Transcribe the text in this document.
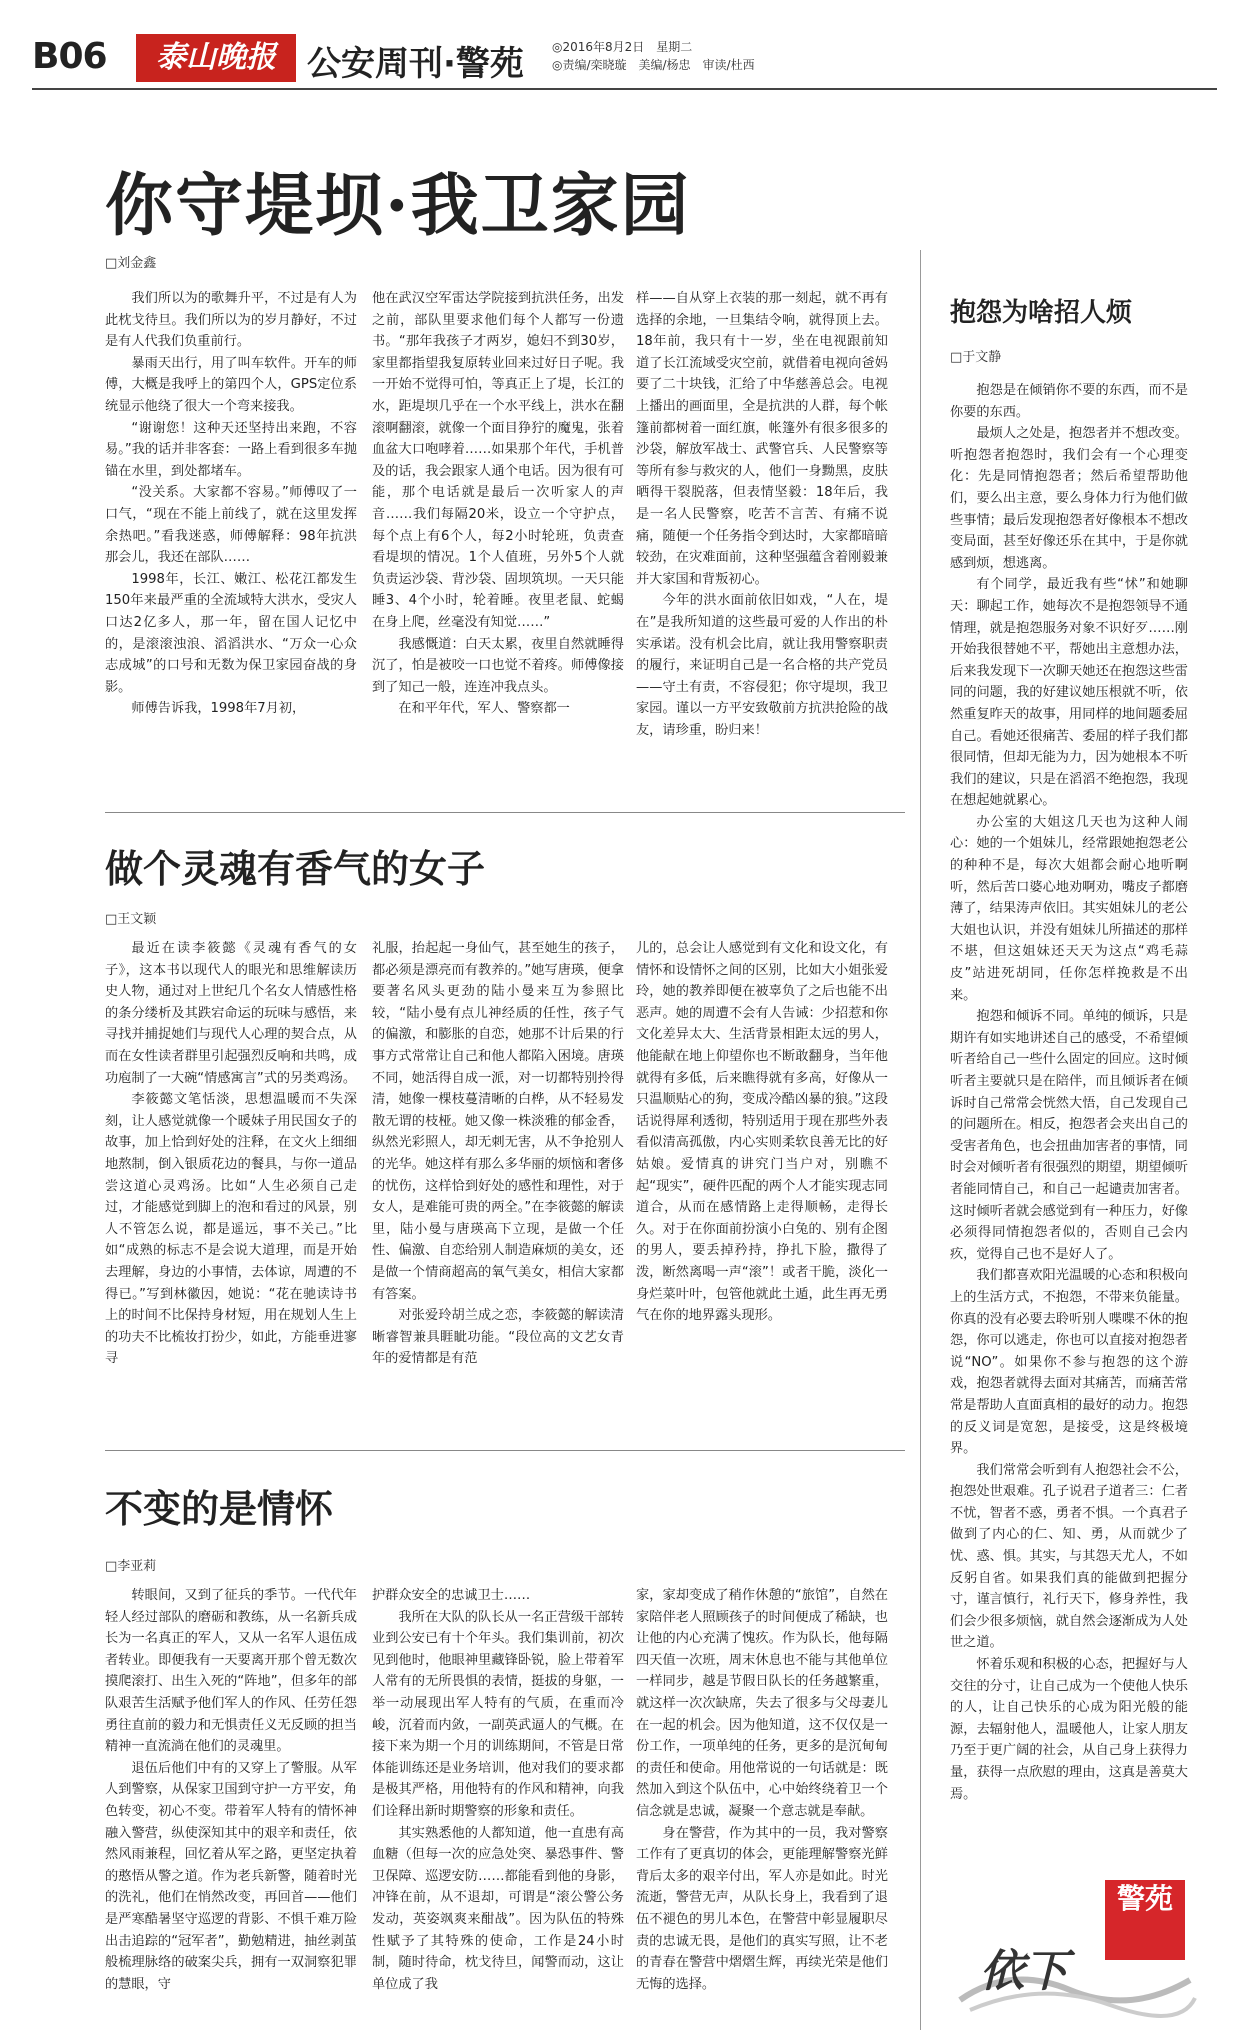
B06	泰山晚报 公安周刊·警苑 ◎2016年8月2日　星期二
◎责编/栾晓璇　美编/杨忠　审读/杜西
你守堤坝·我卫家园
□刘金鑫

我们所以为的歌舞升平，不过是有人为此枕戈待旦。我们所以为的岁月静好，不过是有人代我们负重前行。

暴雨天出行，用了叫车软件。开车的师傅，大概是我呼上的第四个人，GPS定位系统显示他绕了很大一个弯来接我。

“谢谢您！这种天还坚持出来跑，不容易。”我的话并非客套：一路上看到很多车抛锚在水里，到处都堵车。

“没关系。大家都不容易。”师傅叹了一口气，“现在不能上前线了，就在这里发挥余热吧。”看我迷惑，师傅解释：98年抗洪那会儿，我还在部队……

1998年，长江、嫩江、松花江都发生150年来最严重的全流域特大洪水，受灾人口达2亿多人，那一年，留在国人记忆中的，是滚滚浊浪、滔滔洪水、“万众一心众志成城”的口号和无数为保卫家园奋战的身影。

师傅告诉我，1998年7月初，

他在武汉空军雷达学院接到抗洪任务，出发之前，部队里要求他们每个人都写一份遗书。“那年我孩子才两岁，媳妇不到30岁，家里都指望我复原转业回来过好日子呢。我一开始不觉得可怕，等真正上了堤，长江的水，距堤坝几乎在一个水平线上，洪水在翻滚啊翻滚，就像一个面目狰狞的魔鬼，张着血盆大口咆哮着……如果那个年代，手机普及的话，我会跟家人通个电话。因为很有可能，那个电话就是最后一次听家人的声音……我们每隔20米，设立一个守护点，每个点上有6个人，每2小时轮班，负责查看堤坝的情况。1个人值班，另外5个人就负责运沙袋、背沙袋、固坝筑坝。一天只能睡3、4个小时，轮着睡。夜里老鼠、蛇蝎在身上爬，丝毫没有知觉……”

我感慨道：白天太累，夜里自然就睡得沉了，怕是被咬一口也觉不着疼。师傅像接到了知己一般，连连冲我点头。

在和平年代，军人、警察都一

样——自从穿上衣装的那一刻起，就不再有选择的余地，一旦集结令响，就得顶上去。18年前，我只有十一岁，坐在电视跟前知道了长江流域受灾空前，就借着电视向爸妈要了二十块钱，汇给了中华慈善总会。电视上播出的画面里，全是抗洪的人群，每个帐篷前都树着一面红旗，帐篷外有很多很多的沙袋，解放军战士、武警官兵、人民警察等等所有参与救灾的人，他们一身黝黑，皮肤晒得干裂脱落，但表情坚毅：18年后，我是一名人民警察，吃苦不言苦、有痛不说痛，随便一个任务指令到达时，大家都暗暗较劲，在灾难面前，这种坚强蕴含着刚毅兼并大家国和背叛初心。

今年的洪水面前依旧如戏，“人在，堤在”是我所知道的这些最可爱的人作出的朴实承诺。没有机会比肩，就让我用警察职责的履行，来证明自己是一名合格的共产党员——守土有责，不容侵犯；你守堤坝，我卫家园。谨以一方平安致敬前方抗洪抢险的战友，请珍重，盼归来！

做个灵魂有香气的女子
□王文颖

最近在读李筱懿《灵魂有香气的女子》，这本书以现代人的眼光和思维解读历史人物，通过对上世纪几个名女人情感性格的条分缕析及其跌宕命运的玩味与感悟，来寻找并捕捉她们与现代人心理的契合点，从而在女性读者群里引起强烈反响和共鸣，成功庖制了一大碗“情感寓言”式的另类鸡汤。

李筱懿文笔恬淡，思想温暖而不失深刻，让人感觉就像一个暖妹子用民国女子的故事，加上恰到好处的注释，在文火上细细地熬制，倒入银质花边的餐具，与你一道品尝这道心灵鸡汤。比如“人生必须自己走过，才能感觉到脚上的泡和看过的风景，别人不管怎么说，都是遥远，事不关己。”比如“成熟的标志不是会说大道理，而是开始去理解，身边的小事情，去体谅，周遭的不得已。”写到林徽因，她说：“花在驰读诗书上的时间不比保持身材短，用在规划人生上的功夫不比梳妆打扮少，如此，方能垂进寥寻

礼服，抬起起一身仙气，甚至她生的孩子，都必须是漂亮而有教养的。”她写唐瑛，便拿要著名风头更劲的陆小曼来互为参照比较，“陆小曼有点儿神经质的任性，孩子气的偏激，和膨胀的自恋，她那不计后果的行事方式常常让自己和他人都陷入困境。唐瑛不同，她活得自成一派，对一切都特别拎得清，她像一棵枝蔓清晰的白桦，从不轻易发散无谓的枝桠。她又像一株淡雅的郁金香，纵然光彩照人，却无刺无害，从不争抢别人的光华。她这样有那么多华丽的烦恼和奢侈的忧伤，这样恰到好处的感性和理性，对于女人，是难能可贵的两全。”在李筱懿的解读里，陆小曼与唐瑛高下立现，是做一个任性、偏激、自恋给别人制造麻烦的美女，还是做一个情商超高的氧气美女，相信大家都有答案。

对张爱玲胡兰成之恋，李筱懿的解读清晰睿智兼具睚眦功能。“段位高的文艺女青年的爱情都是有范

儿的，总会让人感觉到有文化和设文化，有情怀和设情怀之间的区别，比如大小姐张爱玲，她的教养即便在被辜负了之后也能不出恶声。她的周遭不会有人告诫：少招惹和你文化差异太大、生活背景相距太远的男人，他能献在地上仰望你也不断敢翻身，当年他就得有多低，后来瞧得就有多高，好像从一只温顺贴心的狗，变成冷酷凶暴的狼。”这段话说得犀利透彻，特别适用于现在那些外表看似清高孤傲，内心实则柔软良善无比的好姑娘。爱情真的讲究门当户对，别瞧不起“现实”，硬件匹配的两个人才能实现志同道合，从而在感情路上走得顺畅，走得长久。对于在你面前扮演小白兔的、别有企图的男人，要丢掉矜持，挣扎下脸，撒得了泼，断然离喝一声“滚”！或者干脆，淡化一身烂菜叶叶，包管他就此土遁，此生再无勇气在你的地界露头现形。

不变的是情怀
□李亚莉

转眼间，又到了征兵的季节。一代代年轻人经过部队的磨砺和教练，从一名新兵成长为一名真正的军人，又从一名军人退伍成者转业。即便我有一天要离开那个曾无数次摸爬滚打、出生入死的“阵地”，但多年的部队艰苦生活赋予他们军人的作风、任劳任怨勇往直前的毅力和无惧责任义无反顾的担当精神一直流淌在他们的灵魂里。

退伍后他们中有的又穿上了警服。从军人到警察，从保家卫国到守护一方平安，角色转变，初心不变。带着军人特有的情怀神融入警营，纵使深知其中的艰辛和责任，依然风雨兼程，回忆着从军之路，更坚定执着的憨悟从警之道。作为老兵新警，随着时光的洗礼，他们在悄然改变，再回首——他们是严寒酷暑坚守巡逻的背影、不惧千难万险出击追踪的“冠军者”，勤勉精进，抽丝剥茧般梳理脉络的破案尖兵，拥有一双洞察犯罪的慧眼，守

护群众安全的忠诚卫士……

我所在大队的队长从一名正营级干部转业到公安已有十个年头。我们集训前，初次见到他时，他眼神里藏锋卧锐，脸上带着军人常有的无所畏惧的表情，挺拔的身躯，一举一动展现出军人特有的气质，在重而冷峻，沉着而内敛，一副英武逼人的气概。在接下来为期一个月的训练期间，不管是日常体能训练还是业务培训，他对我们的要求都是极其严格，用他特有的作风和精神，向我们诠释出新时期警察的形象和责任。

其实熟悉他的人都知道，他一直患有高血糖（但每一次的应急处突、暴恐事件、警卫保障、巡逻安防……都能看到他的身影，冲锋在前，从不退却，可谓是“滚公警公务发动，英姿飒爽来酣战”。因为队伍的特殊性赋予了其特殊的使命，工作是24小时制，随时待命，枕戈待旦，闻警而动，这让单位成了我

家，家却变成了稍作休憩的“旅馆”，自然在家陪伴老人照顾孩子的时间便成了稀缺，也让他的内心充满了愧疚。作为队长，他每隔四天值一次班，周末休息也不能与其他单位一样同步，越是节假日队长的任务越繁重，就这样一次次缺席，失去了很多与父母妻儿在一起的机会。因为他知道，这不仅仅是一份工作，一项单纯的任务，更多的是沉甸甸的责任和使命。用他常说的一句话就是：既然加入到这个队伍中，心中始终绕着卫一个信念就是忠诚，凝聚一个意志就是奉献。

身在警营，作为其中的一员，我对警察工作有了更真切的体会，更能理解警察光鲜背后太多的艰辛付出，军人亦是如此。时光流逝，警营无声，从队长身上，我看到了退伍不褪色的男儿本色，在警营中彰显履职尽责的忠诚无畏，是他们的真实写照，让不老的青春在警营中熠熠生辉，再续光荣是他们无悔的选择。

抱怨为啥招人烦
□于文静

抱怨是在倾销你不要的东西，而不是你要的东西。

最烦人之处是，抱怨者并不想改变。听抱怨者抱怨时，我们会有一个心理变化：先是同情抱怨者；然后希望帮助他们，要么出主意，要么身体力行为他们做些事情；最后发现抱怨者好像根本不想改变局面，甚至好像还乐在其中，于是你就感到烦，想逃离。

有个同学，最近我有些“怵”和她聊天：聊起工作，她每次不是抱怨领导不通情理，就是抱怨服务对象不识好歹……刚开始我很替她不平，帮她出主意想办法，后来我发现下一次聊天她还在抱怨这些雷同的问题，我的好建议她压根就不听，依然重复昨天的故事，用同样的地间题委屈自己。看她还很痛苦、委屈的样子我们都很同情，但却无能为力，因为她根本不听我们的建议，只是在滔滔不绝抱怨，我现在想起她就累心。

办公室的大姐这几天也为这种人闹心：她的一个姐妹儿，经常跟她抱怨老公的种种不是，每次大姐都会耐心地听啊听，然后苦口婆心地劝啊劝，嘴皮子都磨薄了，结果涛声依旧。其实姐妹儿的老公大姐也认识，并没有姐妹儿所描述的那样不堪，但这姐妹还天天为这点“鸡毛蒜皮”站进死胡同，任你怎样挽救是不出来。

抱怨和倾诉不同。单纯的倾诉，只是期许有如实地讲述自己的感受，不希望倾听者给自己一些什么固定的回应。这时倾听者主要就只是在陪伴，而且倾诉者在倾诉时自己常常会恍然大悟，自己发现自己的问题所在。相反，抱怨者会夹出自己的受害者角色，也会扭曲加害者的事情，同时会对倾听者有很强烈的期望，期望倾听者能同情自己，和自己一起谴责加害者。这时倾听者就会感觉到有一种压力，好像必须得同情抱怨者似的，否则自己会内疚，觉得自己也不是好人了。

我们都喜欢阳光温暖的心态和积极向上的生活方式，不抱怨，不带来负能量。你真的没有必要去聆听别人喋喋不休的抱怨，你可以逃走，你也可以直接对抱怨者说“NO”。如果你不参与抱怨的这个游戏，抱怨者就得去面对其痛苦，而痛苦常常是帮助人直面真相的最好的动力。抱怨的反义词是宽恕，是接受，这是终极境界。

我们常常会听到有人抱怨社会不公，抱怨处世艰难。孔子说君子道者三：仁者不忧，智者不惑，勇者不惧。一个真君子做到了内心的仁、知、勇，从而就少了忧、惑、惧。其实，与其怨天尤人，不如反躬自省。如果我们真的能做到把握分寸，谨言慎行，礼行天下，修身养性，我们会少很多烦恼，就自然会逐渐成为人处世之道。

怀着乐观和积极的心态，把握好与人交往的分寸，让自己成为一个使他人快乐的人，让自己快乐的心成为阳光般的能源，去辐射他人，温暖他人，让家人朋友乃至于更广阔的社会，从自己身上获得力量，获得一点欣慰的理由，这真是善莫大焉。

依下
警苑
